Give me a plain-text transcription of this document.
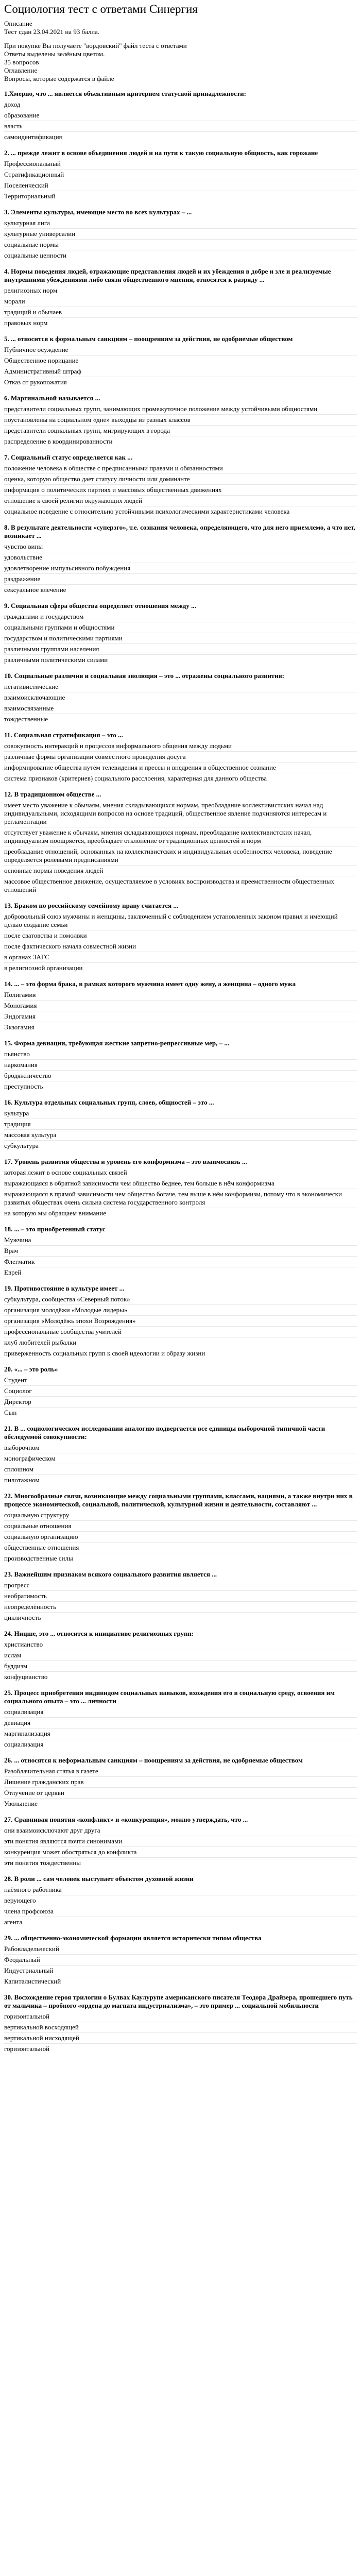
Социология тест с ответами Синергия
Описание
Тест сдан 23.04.2021 на 93 балла.
При покупке Вы получаете "вордовский" файл теста с ответами
Ответы выделены зелёным цветом.
35 вопросов
Оглавление
Вопросы, которые содержатся в файле
1.Хмерно, что ... является объективным критерием статусной принадлежности:
доход
образование
власть
самоидентификация
2. ... прежде лежит в основе объединения людей и на пути к такую социальную общность, как горожане
Профессиональный
Стратификационный
Поселенческий
Территориальный
3. Элементы культуры, имеющие место во всех культурах – ...
культурная лига
культурные универсалии
социальные нормы
социальные ценности
4. Нормы поведения людей, отражающие представления людей и их убеждения в добре и зле и реализуемые внутренними убеждениями либо связи общественного мнения, относятся к разряду ...
религиозных норм
морали
традиций и обычаев
правовых норм
5. ... относится к формальным санкциям – поощрениям за действия, не одобряемые обществом
Публичное осуждение
Общественное порицание
Административный штраф
Отказ от рукопожатия
6. Маргинальной называется ...
представители социальных групп, занимающих промежуточное положение между устойчивыми общностями
поустановлены на социальном «дне» выходцы из разных классов
представители социальных групп, мигрирующих в города
распределение в координированности
7. Социальный статус определяется как ...
положение человека в обществе с предписанными правами и обязанностями
оценка, которую общество дает статусу личности или доминанте
информация о политических партиях и массовых общественных движениях
отношение к своей религии окружающих людей
социальное поведение с относительно устойчивыми психологическими характеристиками человека
8. В результате деятельности «суперэго», т.е. сознания человека, определяющего, что для него приемлемо, а что нет, возникает ...
чувство вины
удовольствие
удовлетворение импульсивного побуждения
раздражение
сексуальное влечение
9. Социальная сфера общества определяет отношения между ...
гражданами и государством
социальными группами и общностями
государством и политическими партиями
различными группами населения
различными политическими силами
10. Социальные различия и социальная эволюция – это ... отражены социального развития:
негативистические
взаимоисключающие
взаимосвязанные
тождественные
11. Социальная стратификация – это ...
совокупность интеракций и процессов информального общения между людьми
различные формы организации совместного проведения досуга
информирование общества путем телевидения и прессы и внедрения в общественное сознание
система признаков (критериев) социального расслоения, характерная для данного общества
12. В традиционном обществе ...
имеет место уважение к обычаям, мнения складывающихся нормам, преобладание коллективистских начал над индивидуальными, исходящими вопросов на основе традиций, общественное явление подчиняются интересам и регламентации
отсутствует уважение к обычаям, мнения складывающихся нормам, преобладание коллективистских начал, индивидуализм поощряется, преобладает отклонение от традиционных ценностей и норм
преобладание отношений, основанных на коллективистских и индивидуальных особенностях человека, поведение определяется ролевыми предписаниями
основные нормы поведения людей
массовое общественное движение, осуществляемое в условиях воспроизводства и преемственности общественных отношений
13. Браком по российскому семейному праву считается ...
добровольный союз мужчины и женщины, заключенный с соблюдением установленных законом правил и имеющий целью создание семьи
после сватовства и помолвки
после фактического начала совместной жизни
в органах ЗАГС
в религиозной организации
14. ... – это форма брака, в рамках которого мужчина имеет одну жену, а женщина – одного мужа
Полигамия
Моногамия
Эндогамия
Экзогамия
15. Форма девиации, требующая жесткие запретно-репрессивные мер, – ...
пьянство
наркомания
бродяжничество
преступность
16. Культура отдельных социальных групп, слоев, общностей – это ...
культура
традиция
массовая культура
субкультура
17. Уровень развития общества и уровень его конформизма – это взаимосвязь ...
которая лежит в основе социальных связей
выражающаяся в обратной зависимости чем общество беднее, тем больше в нём конформизма
выражающаяся в прямой зависимости чем общество богаче, тем выше в нём конформизм, потому что в экономически развитых обществах очень сильна система государственного контроля
на которую мы обращаем внимание
18. ... – это приобретенный статус
Мужчина
Врач
Флегматик
Еврей
19. Противостояние в культуре имеет ...
субкультура, сообщества «Северный поток»
организация молодёжи «Молодые лидеры»
организация «Молодёжь эпохи Возрождения»
профессиональные сообщества учителей
клуб любителей рыбалки
приверженность социальных групп к своей идеологии и образу жизни
20. «... – это роль»
Студент
Социолог
Директор
Сын
21. В ... социологическом исследовании аналогию подвергается все единицы выборочной типичной части обследуемой совокупности:
выборочном
монографическом
сплошном
пилотажном
22. Многообразные связи, возникающие между социальными группами, классами, нациями, а также внутри них в процессе экономической, социальной, политической, культурной жизни и деятельности, составляют ...
социальную структуру
социальные отношения
социальную организацию
общественные отношения
производственные силы
23. Важнейшим признаком всякого социального развития является ...
прогресс
необратимость
неопределённость
цикличность
24. Ницше, это ... относится к инициативе религиозных групп:
христианство
ислам
буддизм
конфуцианство
25. Процесс приобретения индивидом социальных навыков, вхождения его в социальную среду, освоения им социального опыта – это ... личности
социализация
девиация
маргинализация
социализация
26. ... относятся к неформальным санкциям – поощрениям за действия, не одобряемые обществом
Разоблачительная статья в газете
Лишение гражданских прав
Отлучение от церкви
Увольнение
27. Сравнивая понятия «конфликт» и «конкуренция», можно утверждать, что ...
они взаимоисключают друг друга
эти понятия являются почти синонимами
конкуренция может обостряться до конфликта
эти понятия тождественны
28. В роли ... сам человек выступает объектом духовной жизни
наёмного работника
верующего
члена профсоюза
агента
29. ... общественно-экономической формации является исторически типом общества
Рабовладельческий
Феодальный
Индустриальный
Капиталистический
30. Восхождение героя трилогии о Булвах Каулурупе американского писателя Теодора Драйзера, прошедшего путь от мальчика – пробного «ордена до магната индустриализма», – это пример ... социальной мобильности
горизонтальной
вертикальной восходящей
вертикальной нисходящей
горизонтальной
